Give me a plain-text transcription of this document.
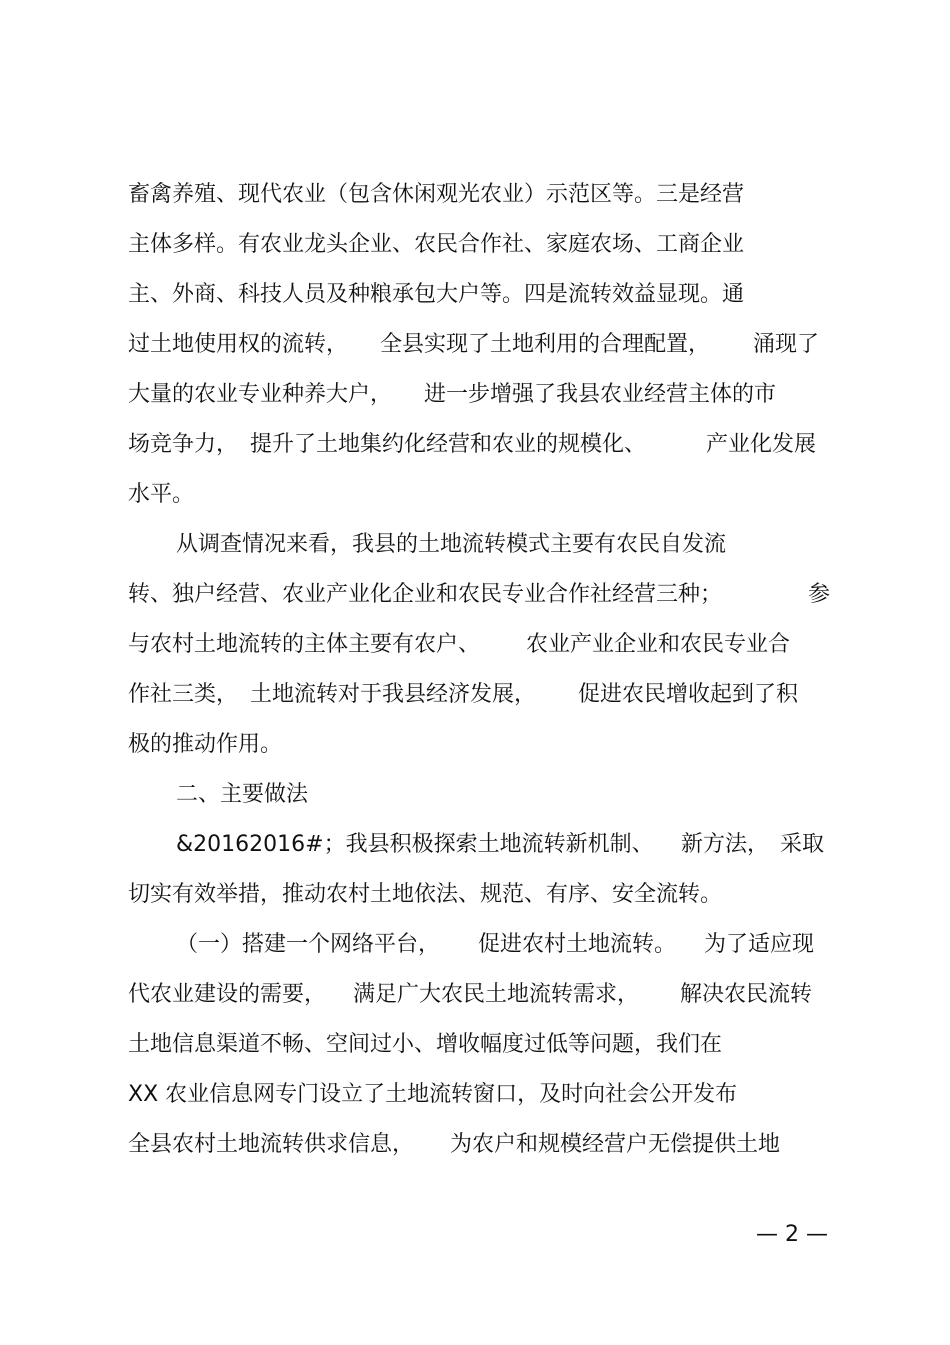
畜禽养殖、现代农业（包含休闲观光农业）示范区等。三是经营
主体多样。有农业龙头企业、农民合作社、家庭农场、工商企业
主、外商、科技人员及种粮承包大户等。四是流转效益显现。通
过土地使用权的流转， 全县实现了土地利用的合理配置， 涌现了
大量的农业专业种养大户， 进一步增强了我县农业经营主体的市
场竞争力， 提升了土地集约化经营和农业的规模化、	产业化发展
水平。
从调查情况来看，我县的土地流转模式主要有农民自发流
转、独户经营、农业产业化企业和农民专业合作社经营三种；	参
与农村土地流转的主体主要有农户、 农业产业企业和农民专业合
作社三类， 土地流转对于我县经济发展， 促进农民增收起到了积
极的推动作用。
二、主要做法
&20162016#；我县积极探索土地流转新机制、 新方法， 采取
切实有效举措，推动农村土地依法、规范、有序、安全流转。
（一）搭建一个网络平台， 促进农村土地流转。 为了适应现
代农业建设的需要， 满足广大农民土地流转需求， 解决农民流转
土地信息渠道不畅、空间过小、增收幅度过低等问题，我们在
XX 农业信息网专门设立了土地流转窗口，及时向社会公开发布
全县农村土地流转供求信息， 为农户和规模经营户无偿提供土地
— 2 —
